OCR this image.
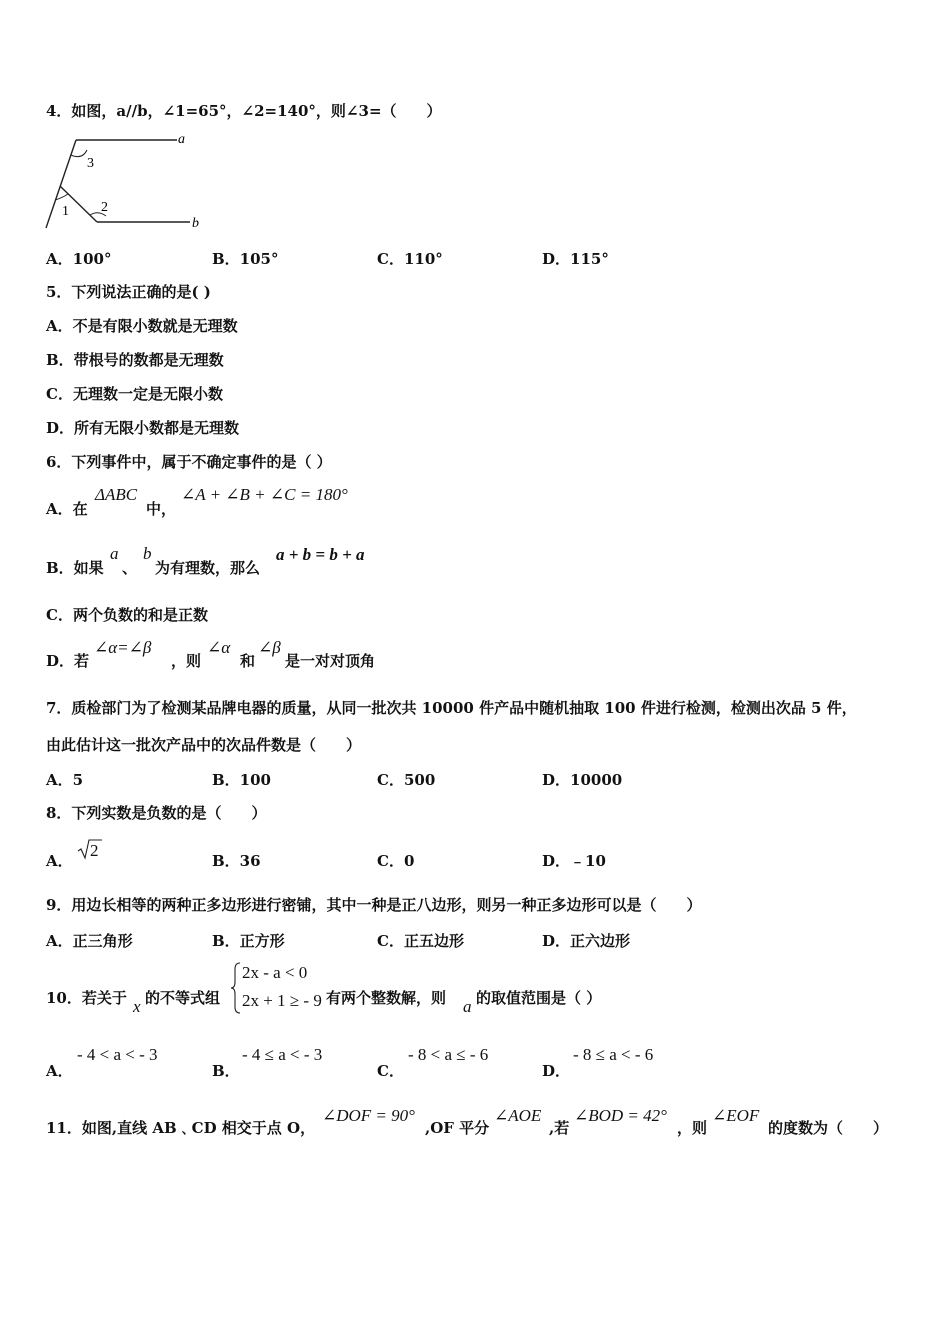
4．如图，a//b，∠1=65°，∠2=140°，则∠3=（　　）
a
b
3
1 2
A．100°	B．105°	C．110°	D．115°
5．下列说法正确的是( )
A．不是有限小数就是无理数
B．带根号的数都是无理数
C．无理数一定是无限小数
D．所有无限小数都是无理数
6．下列事件中，属于不确定事件的是（ ）
A．在
ΔABC
中，
∠A + ∠B + ∠C = 180°
B．如果
a
、
b
为有理数，那么
a + b = b + a
C．两个负数的和是正数
D．若
∠α=∠β
，则
∠α
和
∠β
是一对对顶角
7．质检部门为了检测某品牌电器的质量，从同一批次共 10000 件产品中随机抽取 100 件进行检测，检测出次品 5 件，
由此估计这一批次产品中的次品件数是（　　）
A．5	B．100	C．500	D．10000
8．下列实数是负数的是（　　）
A．
2
B．36	C．0	D．﹣10
9．用边长相等的两种正多边形进行密铺，其中一种是正八边形，则另一种正多边形可以是（　　）
A．正三角形	B．正方形	C．正五边形	D．正六边形
10．若关于 x 的不等式组
2x - a < 0
2x + 1 ≥ - 9 有两个整数解，则 a 的取值范围是（ ）
A．
- 4 < a < - 3
B．
- 4 ≤ a < - 3
C．
- 8 < a ≤ - 6
D．
- 8 ≤ a < - 6
11．如图,直线 AB﹑CD 相交于点 O，
∠DOF = 90°
,OF 平分
∠AOE
,若
∠BOD = 42°
，则
∠EOF
的度数为（　　）
